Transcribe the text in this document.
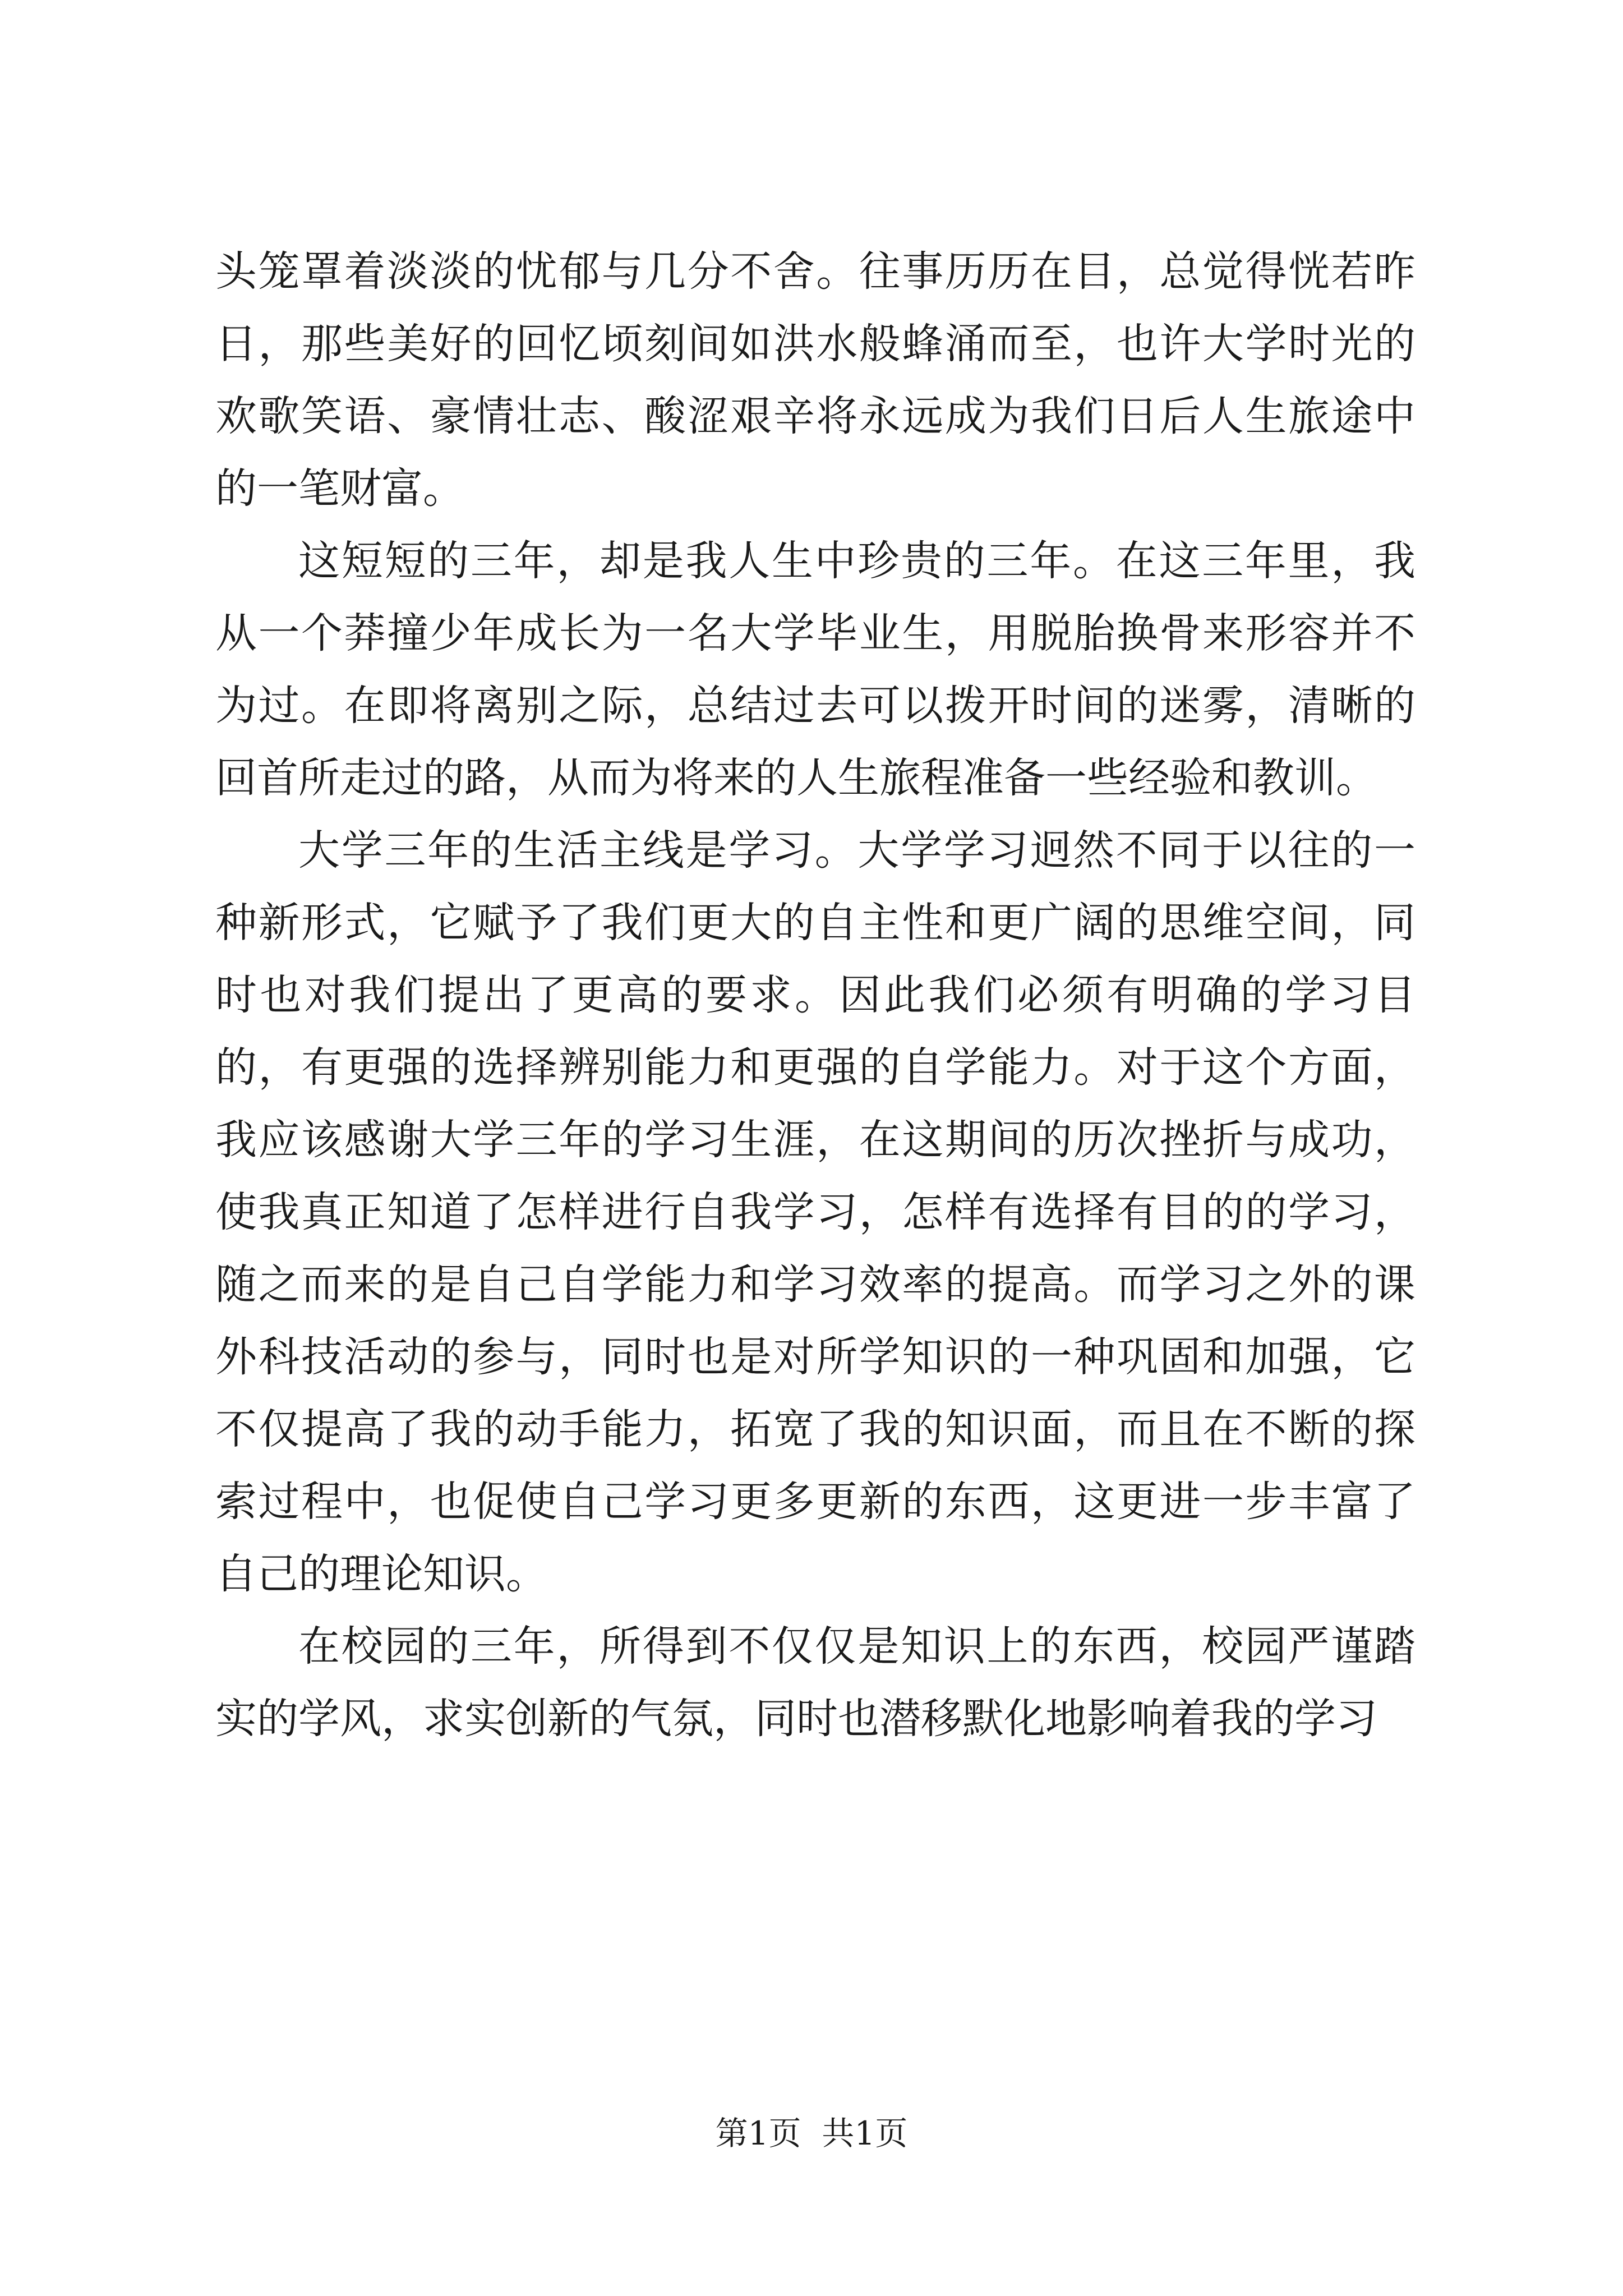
头笼罩着淡淡的忧郁与几分不舍。往事历历在目，总觉得恍若昨日，那些美好的回忆顷刻间如洪水般蜂涌而至，也许大学时光的欢歌笑语、豪情壮志、酸涩艰辛将永远成为我们日后人生旅途中的一笔财富。

这短短的三年，却是我人生中珍贵的三年。在这三年里，我从一个莽撞少年成长为一名大学毕业生，用脱胎换骨来形容并不为过。在即将离别之际，总结过去可以拨开时间的迷雾，清晰的回首所走过的路，从而为将来的人生旅程准备一些经验和教训。

大学三年的生活主线是学习。大学学习迥然不同于以往的一种新形式，它赋予了我们更大的自主性和更广阔的思维空间，同时也对我们提出了更高的要求。因此我们必须有明确的学习目的，有更强的选择辨别能力和更强的自学能力。对于这个方面，我应该感谢大学三年的学习生涯，在这期间的历次挫折与成功，使我真正知道了怎样进行自我学习，怎样有选择有目的的学习，随之而来的是自己自学能力和学习效率的提高。而学习之外的课外科技活动的参与，同时也是对所学知识的一种巩固和加强，它不仅提高了我的动手能力，拓宽了我的知识面，而且在不断的探索过程中，也促使自己学习更多更新的东西，这更进一步丰富了自己的理论知识。

在校园的三年，所得到不仅仅是知识上的东西，校园严谨踏实的学风，求实创新的气氛，同时也潜移默化地影响着我的学习

第1页  共1页
